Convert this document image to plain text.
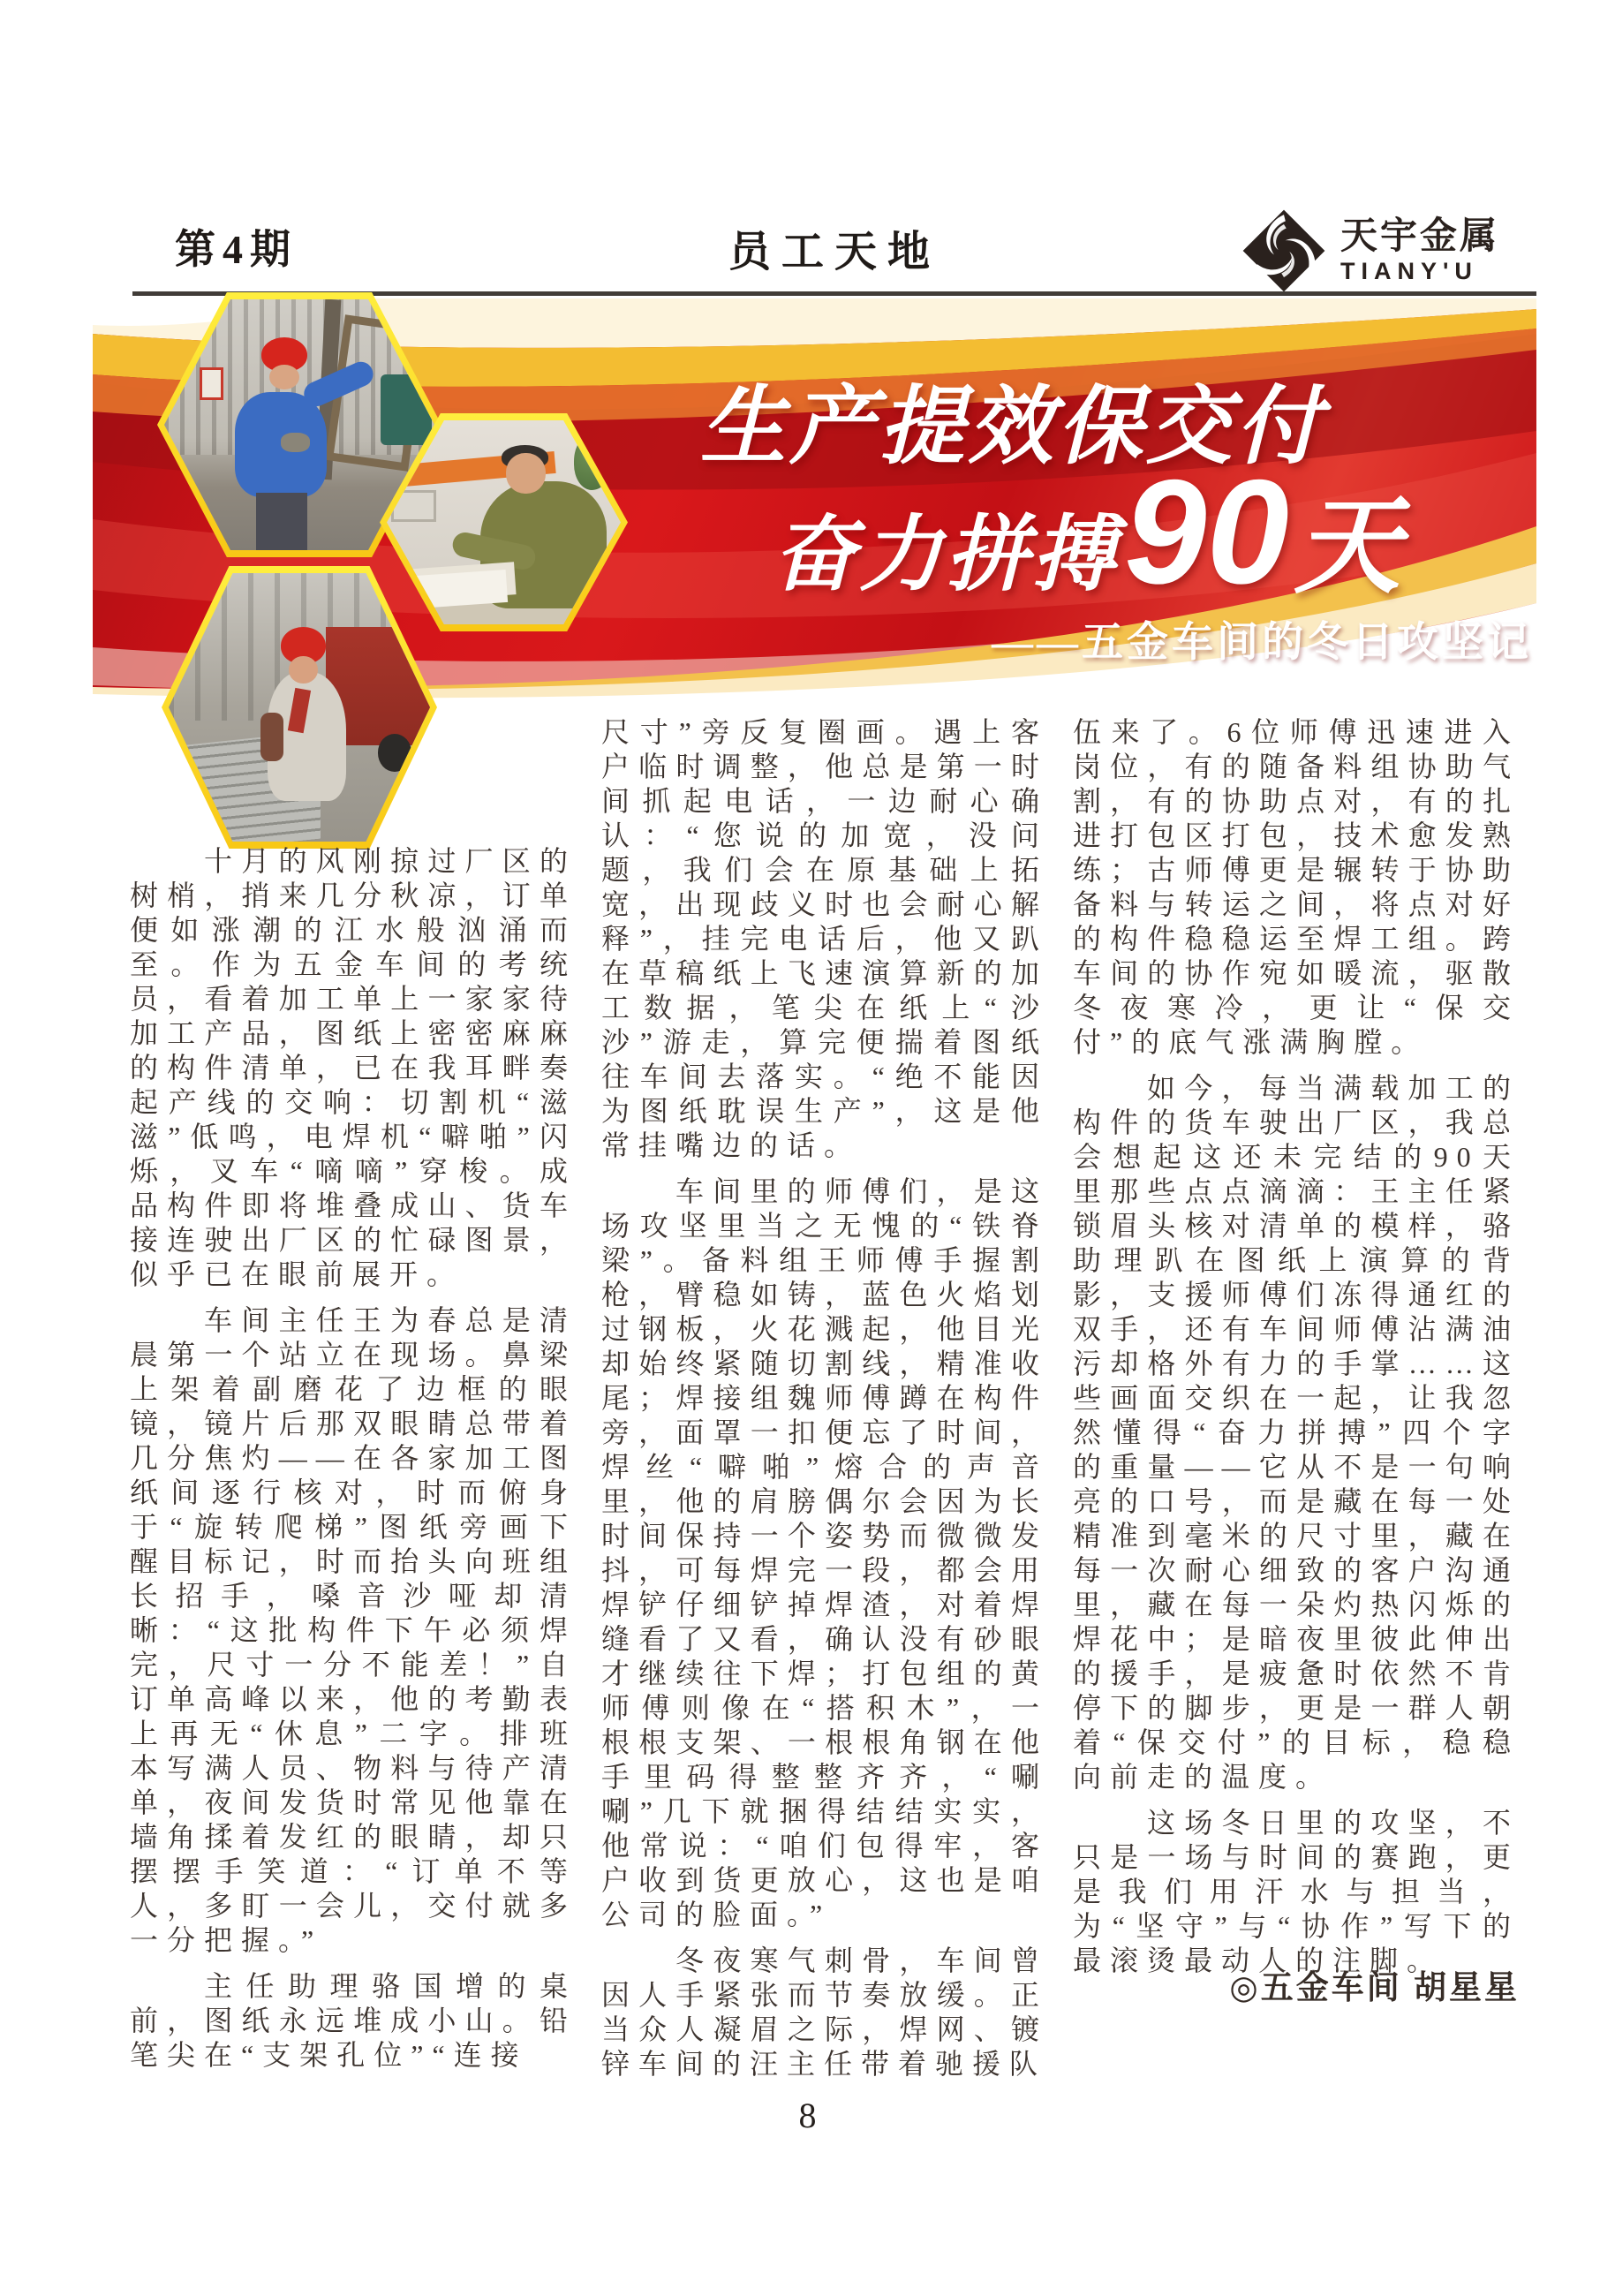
第4期	员工天地	天宇金属
TIANY'U
生产提效保交付
奋力拼搏 90 天
——五金车间的冬日攻坚记

十月的风刚掠过厂区的树梢，捎来几分秋凉，订单便如涨潮的江水般汹涌而至。作为五金车间的考统员，看着加工单上一家家待加工产品，图纸上密密麻麻的构件清单，已在我耳畔奏起产线的交响：切割机“滋滋”低鸣，电焊机“噼啪”闪烁，叉车“嘀嘀”穿梭。成品构件即将堆叠成山、货车接连驶出厂区的忙碌图景，似乎已在眼前展开。

车间主任王为春总是清晨第一个站立在现场。鼻梁上架着副磨花了边框的眼镜，镜片后那双眼睛总带着几分焦灼——在各家加工图纸间逐行核对，时而俯身于“旋转爬梯”图纸旁画下醒目标记，时而抬头向班组长招手，嗓音沙哑却清晰：“这批构件下午必须焊完，尺寸一分不能差！”自订单高峰以来，他的考勤表上再无“休息”二字。排班本写满人员、物料与待产清单，夜间发货时常见他靠在墙角揉着发红的眼睛，却只摆摆手笑道：“订单不等人，多盯一会儿，交付就多一分把握。”

主任助理骆国增的桌前，图纸永远堆成小山。铅笔尖在“支架孔位”“连接

尺寸”旁反复圈画。遇上客户临时调整，他总是第一时间抓起电话，一边耐心确认：“您说的加宽，没问题，我们会在原基础上拓宽，出现歧义时也会耐心解释”，挂完电话后，他又趴在草稿纸上飞速演算新的加工数据，笔尖在纸上“沙沙”游走，算完便揣着图纸往车间去落实。“绝不能因为图纸耽误生产”，这是他常挂嘴边的话。

车间里的师傅们，是这场攻坚里当之无愧的“铁脊梁”。备料组王师傅手握割枪，臂稳如铸，蓝色火焰划过钢板，火花溅起，他目光却始终紧随切割线，精准收尾；焊接组魏师傅蹲在构件旁，面罩一扣便忘了时间，焊丝“噼啪”熔合的声音里，他的肩膀偶尔会因为长时间保持一个姿势而微微发抖，可每焊完一段，都会用焊铲仔细铲掉焊渣，对着焊缝看了又看，确认没有砂眼才继续往下焊；打包组的黄师傅则像在“搭积木”，一根根支架、一根根角钢在他手里码得整整齐齐，“唰唰”几下就捆得结结实实，他常说：“咱们包得牢，客户收到货更放心，这也是咱公司的脸面。”

冬夜寒气刺骨，车间曾因人手紧张而节奏放缓。正当众人凝眉之际，焊网、镀锌车间的汪主任带着驰援队

伍来了。6位师傅迅速进入岗位，有的随备料组协助气割，有的协助点对，有的扎进打包区打包，技术愈发熟练；古师傅更是辗转于协助备料与转运之间，将点对好的构件稳稳运至焊工组。跨车间的协作宛如暖流，驱散冬夜寒冷，更让“保交付”的底气涨满胸膛。

如今，每当满载加工的构件的货车驶出厂区，我总会想起这还未完结的90天里那些点点滴滴：王主任紧锁眉头核对清单的模样，骆助理趴在图纸上演算的背影，支援师傅们冻得通红的双手，还有车间师傅沾满油污却格外有力的手掌……这些画面交织在一起，让我忽然懂得“奋力拼搏”四个字的重量——它从不是一句响亮的口号，而是藏在每一处精准到毫米的尺寸里，藏在每一次耐心细致的客户沟通里，藏在每一朵灼热闪烁的焊花中；是暗夜里彼此伸出的援手，是疲惫时依然不肯停下的脚步，更是一群人朝着“保交付”的目标，稳稳向前走的温度。

这场冬日里的攻坚，不只是一场与时间的赛跑，更是我们用汗水与担当，为“坚守”与“协作”写下的最滚烫最动人的注脚。

◎五金车间 胡星星
8
